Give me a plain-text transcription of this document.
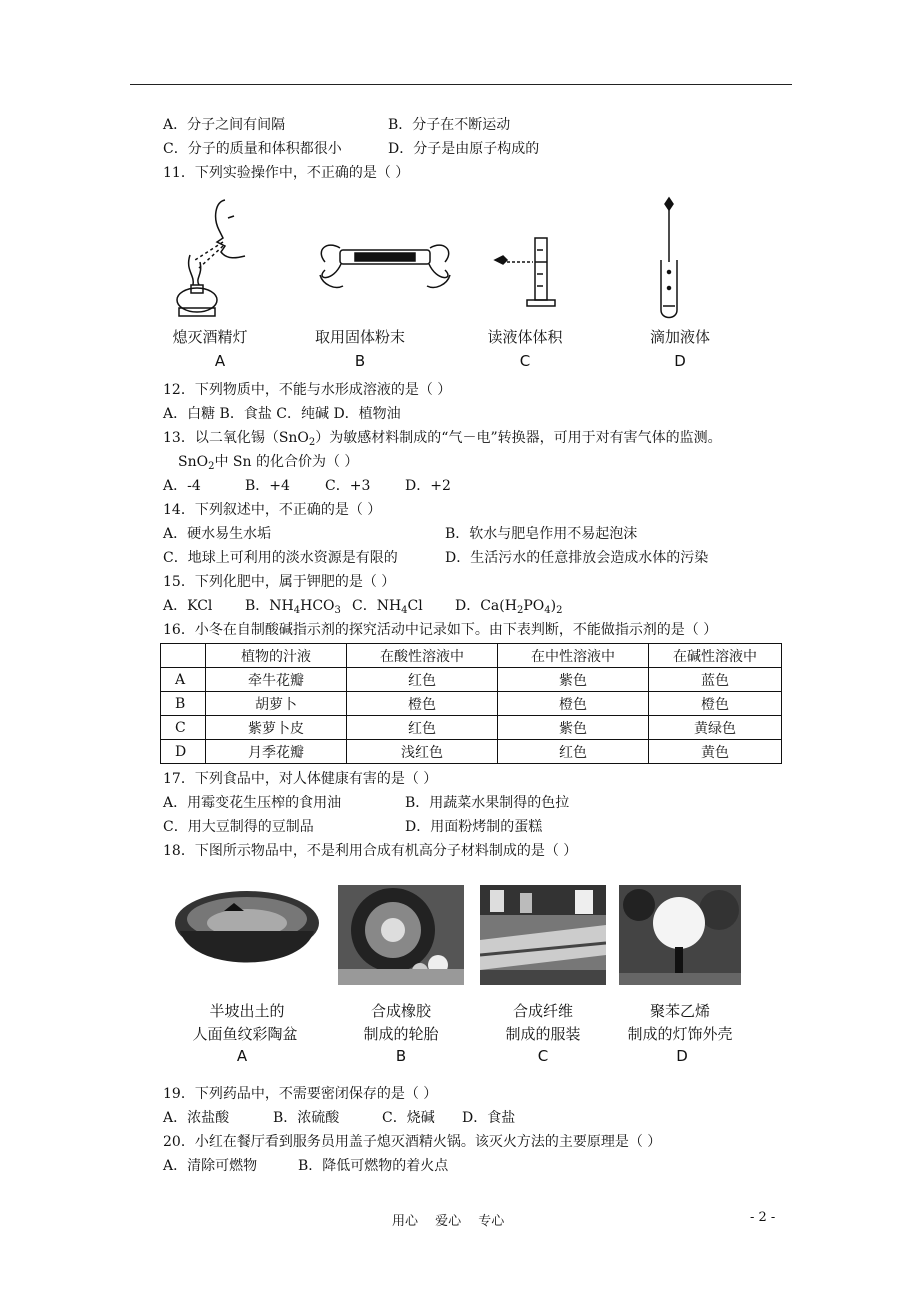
A．分子之间有间隔	B．分子在不断运动
C．分子的质量和体积都很小	D．分子是由原子构成的
11．下列实验操作中，不正确的是（ ）
熄灭酒精灯	取用固体粉末	读液体体积	滴加液体
A	B	C	D
12．下列物质中，不能与水形成溶液的是（ ）
A．白糖 B．食盐 C．纯碱 D．植物油
13．以二氧化锡（SnO$_2$）为敏感材料制成的“气－电”转换器，可用于对有害气体的监测。
SnO$_2$中 Sn 的化合价为（ ）
A．-4	B．+4	C．+3 D．+2
14．下列叙述中，不正确的是（ ）
A．硬水易生水垢	B．软水与肥皂作用不易起泡沫
C．地球上可利用的淡水资源是有限的	D．生活污水的任意排放会造成水体的污染
15．下列化肥中，属于钾肥的是（ ）
A．KCl B．$NH_4HCO_3$ C．$NH_4Cl$ D．$Ca(H_2PO_4)_2$
16．小冬在自制酸碱指示剂的探究活动中记录如下。由下表判断，不能做指示剂的是（ ）
	植物的汁液	在酸性溶液中	在中性溶液中	在碱性溶液中
A	牵牛花瓣	红色	紫色	蓝色
B	胡萝卜	橙色	橙色	橙色
C	紫萝卜皮	红色	紫色	黄绿色
D	月季花瓣	浅红色	红色	黄色
17．下列食品中，对人体健康有害的是（ ）
A．用霉变花生压榨的食用油	B．用蔬菜水果制得的色拉
C．用大豆制得的豆制品	D．用面粉烤制的蛋糕
18．下图所示物品中，不是利用合成有机高分子材料制成的是（ ）
半坡出土的
人面鱼纹彩陶盆
合成橡胶
制成的轮胎
合成纤维
制成的服装
聚苯乙烯
制成的灯饰外壳
A	B	C	D
19．下列药品中，不需要密闭保存的是（ ）
A．浓盐酸	B．浓硫酸	C．烧碱 D．食盐
20．小红在餐厅看到服务员用盖子熄灭酒精火锅。该灭火方法的主要原理是（ ）
A．清除可燃物	B．降低可燃物的着火点
用心　 爱心　 专心	- 2 -
